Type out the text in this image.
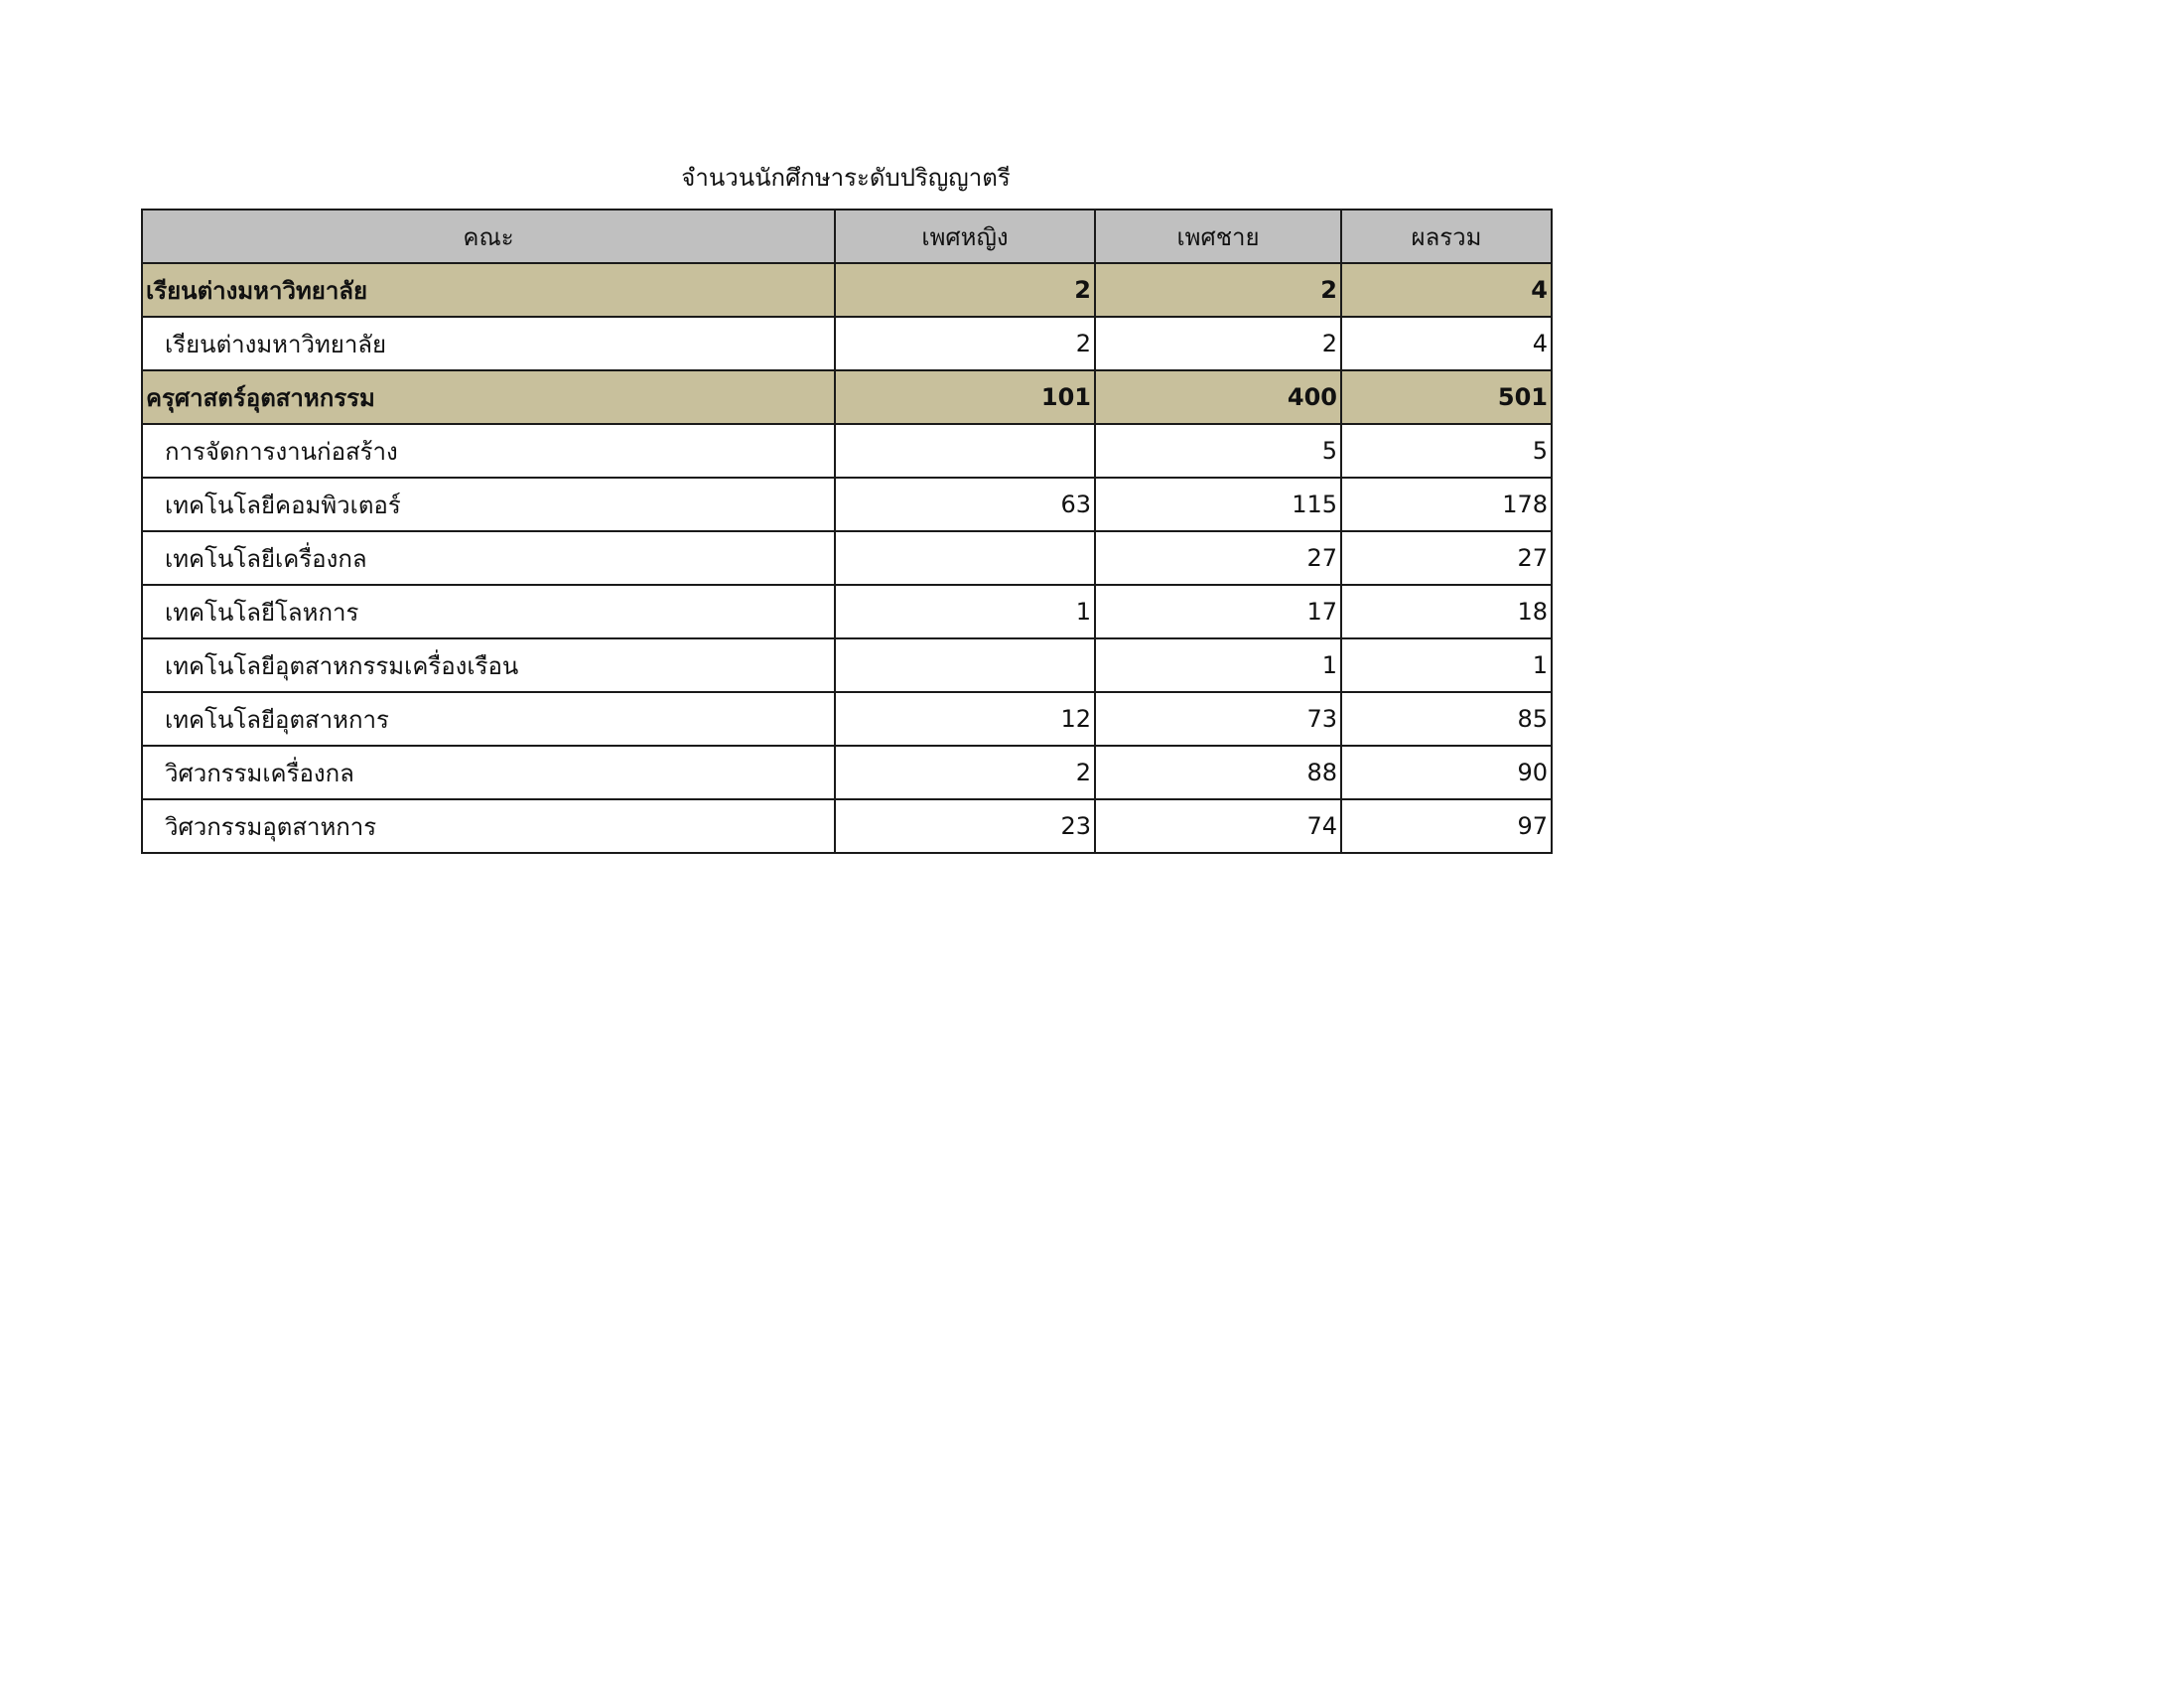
จำนวนนักศึกษาระดับปริญญาตรี
คณะ	เพศหญิง	เพศชาย	ผลรวม
เรียนต่างมหาวิทยาลัย	2	2	4
เรียนต่างมหาวิทยาลัย	2	2	4
ครุศาสตร์อุตสาหกรรม	101	400	501
การจัดการงานก่อสร้าง		5	5
เทคโนโลยีคอมพิวเตอร์	63	115	178
เทคโนโลยีเครื่องกล		27	27
เทคโนโลยีโลหการ	1	17	18
เทคโนโลยีอุตสาหกรรมเครื่องเรือน		1	1
เทคโนโลยีอุตสาหการ	12	73	85
วิศวกรรมเครื่องกล	2	88	90
วิศวกรรมอุตสาหการ	23	74	97
